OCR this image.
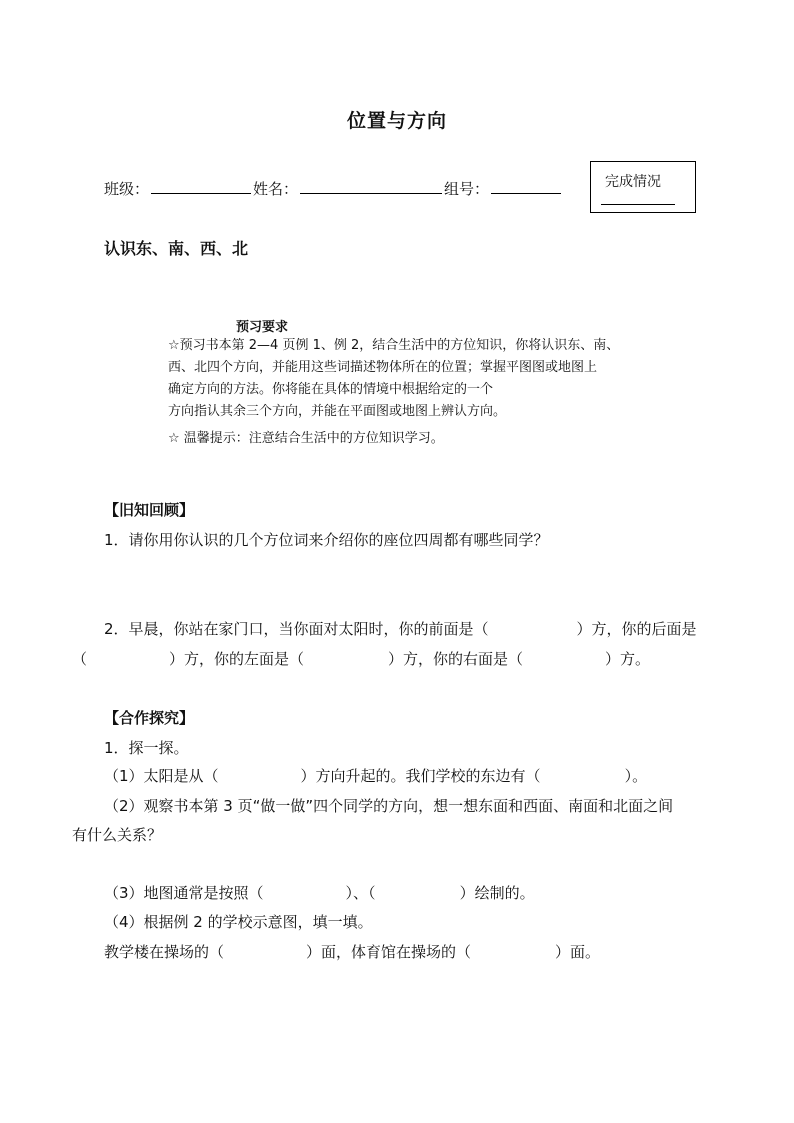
位置与方向
班级：	姓名：	组号：	完成情况
认识东、南、西、北
预习要求
☆预习书本第 2—4 页例 1、例 2，结合生活中的方位知识，你将认识东、南、
西、北四个方向，并能用这些词描述物体所在的位置；掌握平图图或地图上
确定方向的方法。你将能在具体的情境中根据给定的一个
方向指认其余三个方向，并能在平面图或地图上辨认方向。
☆ 温馨提示：注意结合生活中的方位知识学习。
【旧知回顾】
1．请你用你认识的几个方位词来介绍你的座位四周都有哪些同学？
2．早晨，你站在家门口，当你面对太阳时，你的前面是（	）方，你的后面是
（	）方，你的左面是（	）方，你的右面是（	）方。
【合作探究】
1．探一探。
（1）太阳是从（	）方向升起的。我们学校的东边有（	）。
（2）观察书本第 3 页“做一做”四个同学的方向，想一想东面和西面、南面和北面之间
有什么关系？
（3）地图通常是按照（	）、（	）绘制的。
（4）根据例 2 的学校示意图，填一填。
教学楼在操场的（	）面，体育馆在操场的（	）面。
